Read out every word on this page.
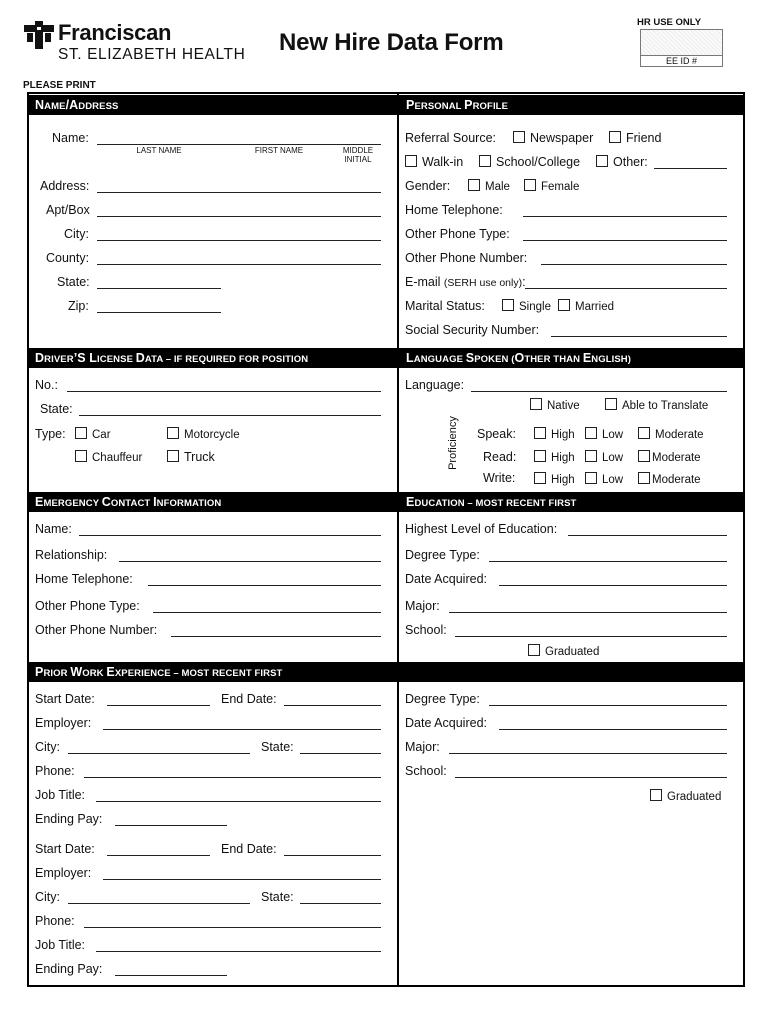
Franciscan
ST. ELIZABETH HEALTH New Hire Data Form
HR USE ONLY
EE ID #
PLEASE PRINT
NAME/ADDRESS	PERSONAL PROFILE
DRIVER’S LICENSE DATA – IF REQUIRED FOR POSITION	LANGUAGE SPOKEN (OTHER THAN ENGLISH)
EMERGENCY CONTACT INFORMATION	EDUCATION – MOST RECENT FIRST
PRIOR WORK EXPERIENCE – MOST RECENT FIRST
Name:
LAST NAME	FIRST NAME	MIDDLE
INITIAL
Address:
Apt/Box
City:
County:
State:
Zip:
Referral Source:	Newspaper	Friend
Walk-in	School/College	Other:
Gender:	Male	Female
Home Telephone:
Other Phone Type:
Other Phone Number:
E-mail (SERH use only):
Marital Status:	Single Married
Social Security Number:
No.:
State:
Type: Car	Motorcycle
Chauffeur	Truck
Language:
Native	Able to Translate
Proficiency Speak:	High Low	Moderate
Read:	High Low	Moderate
Write:	High Low	Moderate
Name:
Relationship:
Home Telephone:
Other Phone Type:
Other Phone Number:
Highest Level of Education:
Degree Type:
Date Acquired:
Major:
School:
Graduated
Start Date:	End Date:
Employer:
City:	State:
Phone:
Job Title:
Ending Pay:
Start Date:	End Date:
Employer:
City:	State:
Phone:
Job Title:
Ending Pay:
Degree Type:
Date Acquired:
Major:
School:
Graduated
